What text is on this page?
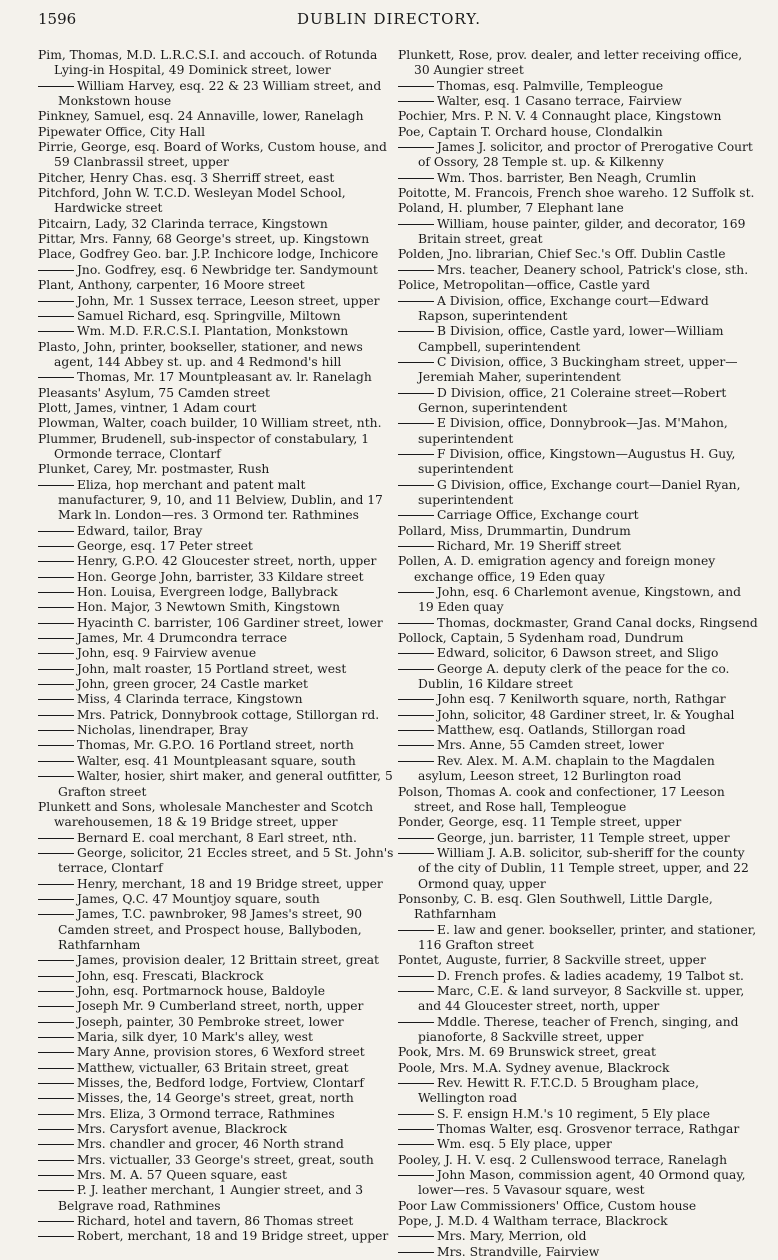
1596	DUBLIN DIRECTORY.
Pim, Thomas, M.D. L.R.C.S.I. and accouch. of Rotunda Lying-in Hospital, 49 Dominick street, lower
William Harvey, esq. 22 & 23 William street, and Monkstown house
Pinkney, Samuel, esq. 24 Annaville, lower, Ranelagh
Pipewater Office, City Hall
Pirrie, George, esq. Board of Works, Custom house, and 59 Clanbrassil street, upper
Pitcher, Henry Chas. esq. 3 Sherriff street, east
Pitchford, John W. T.C.D. Wesleyan Model School, Hardwicke street
Pitcairn, Lady, 32 Clarinda terrace, Kingstown
Pittar, Mrs. Fanny, 68 George's street, up. Kingstown
Place, Godfrey Geo. bar. J.P. Inchicore lodge, Inchicore
Jno. Godfrey, esq. 6 Newbridge ter. Sandymount
Plant, Anthony, carpenter, 16 Moore street
John, Mr. 1 Sussex terrace, Leeson street, upper
Samuel Richard, esq. Springville, Miltown
Wm. M.D. F.R.C.S.I. Plantation, Monkstown
Plasto, John, printer, bookseller, stationer, and news agent, 144 Abbey st. up. and 4 Redmond's hill
Thomas, Mr. 17 Mountpleasant av. lr. Ranelagh
Pleasants' Asylum, 75 Camden street
Plott, James, vintner, 1 Adam court
Plowman, Walter, coach builder, 10 William street, nth.
Plummer, Brudenell, sub-inspector of constabulary, 1 Ormonde terrace, Clontarf
Plunket, Carey, Mr. postmaster, Rush
Eliza, hop merchant and patent malt manufacturer, 9, 10, and 11 Belview, Dublin, and 17 Mark ln. London—res. 3 Ormond ter. Rathmines
Edward, tailor, Bray
George, esq. 17 Peter street
Henry, G.P.O. 42 Gloucester street, north, upper
Hon. George John, barrister, 33 Kildare street
Hon. Louisa, Evergreen lodge, Ballybrack
Hon. Major, 3 Newtown Smith, Kingstown
Hyacinth C. barrister, 106 Gardiner street, lower
James, Mr. 4 Drumcondra terrace
John, esq. 9 Fairview avenue
John, malt roaster, 15 Portland street, west
John, green grocer, 24 Castle market
Miss, 4 Clarinda terrace, Kingstown
Mrs. Patrick, Donnybrook cottage, Stillorgan rd.
Nicholas, linendraper, Bray
Thomas, Mr. G.P.O. 16 Portland street, north
Walter, esq. 41 Mountpleasant square, south
Walter, hosier, shirt maker, and general outfitter, 5 Grafton street
Plunkett and Sons, wholesale Manchester and Scotch warehousemen, 18 & 19 Bridge street, upper
Bernard E. coal merchant, 8 Earl street, nth.
George, solicitor, 21 Eccles street, and 5 St. John's terrace, Clontarf
Henry, merchant, 18 and 19 Bridge street, upper
James, Q.C. 47 Mountjoy square, south
James, T.C. pawnbroker, 98 James's street, 90 Camden street, and Prospect house, Ballyboden, Rathfarnham
James, provision dealer, 12 Brittain street, great
John, esq. Frescati, Blackrock
John, esq. Portmarnock house, Baldoyle
Joseph Mr. 9 Cumberland street, north, upper
Joseph, painter, 30 Pembroke street, lower
Maria, silk dyer, 10 Mark's alley, west
Mary Anne, provision stores, 6 Wexford street
Matthew, victualler, 63 Britain street, great
Misses, the, Bedford lodge, Fortview, Clontarf
Misses, the, 14 George's street, great, north
Mrs. Eliza, 3 Ormond terrace, Rathmines
Mrs. Carysfort avenue, Blackrock
Mrs. chandler and grocer, 46 North strand
Mrs. victualler, 33 George's street, great, south
Mrs. M. A. 57 Queen square, east
P. J. leather merchant, 1 Aungier street, and 3 Belgrave road, Rathmines
Richard, hotel and tavern, 86 Thomas street
Robert, merchant, 18 and 19 Bridge street, upper
Plunkett, Rose, prov. dealer, and letter receiving office, 30 Aungier street
Thomas, esq. Palmville, Templeogue
Walter, esq. 1 Casano terrace, Fairview
Pochier, Mrs. P. N. V. 4 Connaught place, Kingstown
Poe, Captain T. Orchard house, Clondalkin
James J. solicitor, and proctor of Prerogative Court of Ossory, 28 Temple st. up. & Kilkenny
Wm. Thos. barrister, Ben Neagh, Crumlin
Poitotte, M. Francois, French shoe wareho. 12 Suffolk st.
Poland, H. plumber, 7 Elephant lane
William, house painter, gilder, and decorator, 169 Britain street, great
Polden, Jno. librarian, Chief Sec.'s Off. Dublin Castle
Mrs. teacher, Deanery school, Patrick's close, sth.
Police, Metropolitan—office, Castle yard
A Division, office, Exchange court—Edward Rapson, superintendent
B Division, office, Castle yard, lower—William Campbell, superintendent
C Division, office, 3 Buckingham street, upper—Jeremiah Maher, superintendent
D Division, office, 21 Coleraine street—Robert Gernon, superintendent
E Division, office, Donnybrook—Jas. M'Mahon, superintendent
F Division, office, Kingstown—Augustus H. Guy, superintendent
G Division, office, Exchange court—Daniel Ryan, superintendent
Carriage Office, Exchange court
Pollard, Miss, Drummartin, Dundrum
Richard, Mr. 19 Sheriff street
Pollen, A. D. emigration agency and foreign money exchange office, 19 Eden quay
John, esq. 6 Charlemont avenue, Kingstown, and 19 Eden quay
Thomas, dockmaster, Grand Canal docks, Ringsend
Pollock, Captain, 5 Sydenham road, Dundrum
Edward, solicitor, 6 Dawson street, and Sligo
George A. deputy clerk of the peace for the co. Dublin, 16 Kildare street
John esq. 7 Kenilworth square, north, Rathgar
John, solicitor, 48 Gardiner street, lr. & Youghal
Matthew, esq. Oatlands, Stillorgan road
Mrs. Anne, 55 Camden street, lower
Rev. Alex. M. A.M. chaplain to the Magdalen asylum, Leeson street, 12 Burlington road
Polson, Thomas A. cook and confectioner, 17 Leeson street, and Rose hall, Templeogue
Ponder, George, esq. 11 Temple street, upper
George, jun. barrister, 11 Temple street, upper
William J. A.B. solicitor, sub-sheriff for the county of the city of Dublin, 11 Temple street, upper, and 22 Ormond quay, upper
Ponsonby, C. B. esq. Glen Southwell, Little Dargle, Rathfarnham
E. law and gener. bookseller, printer, and stationer, 116 Grafton street
Pontet, Auguste, furrier, 8 Sackville street, upper
D. French profes. & ladies academy, 19 Talbot st.
Marc, C.E. & land surveyor, 8 Sackville st. upper, and 44 Gloucester street, north, upper
Mddle. Therese, teacher of French, singing, and pianoforte, 8 Sackville street, upper
Pook, Mrs. M. 69 Brunswick street, great
Poole, Mrs. M.A. Sydney avenue, Blackrock
Rev. Hewitt R. F.T.C.D. 5 Brougham place, Wellington road
S. F. ensign H.M.'s 10 regiment, 5 Ely place
Thomas Walter, esq. Grosvenor terrace, Rathgar
Wm. esq. 5 Ely place, upper
Pooley, J. H. V. esq. 2 Cullenswood terrace, Ranelagh
John Mason, commission agent, 40 Ormond quay, lower—res. 5 Vavasour square, west
Poor Law Commissioners' Office, Custom house
Pope, J. M.D. 4 Waltham terrace, Blackrock
Mrs. Mary, Merrion, old
Mrs. Strandville, Fairview
